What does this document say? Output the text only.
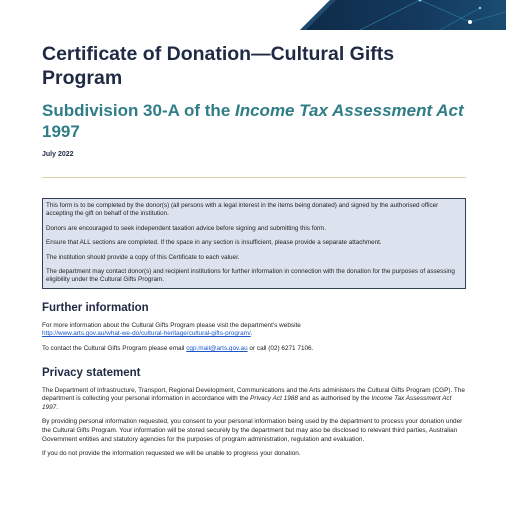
Certificate of Donation—Cultural Gifts Program
Subdivision 30-A of the Income Tax Assessment Act 1997
July 2022

This form is to be completed by the donor(s) (all persons with a legal interest in the items being donated) and signed by the authorised officer accepting the gift on behalf of the institution.

Donors are encouraged to seek independent taxation advice before signing and submitting this form.

Ensure that ALL sections are completed. If the space in any section is insufficient, please provide a separate attachment.

The institution should provide a copy of this Certificate to each valuer.

The department may contact donor(s) and recipient institutions for further information in connection with the donation for the purposes of assessing eligibility under the Cultural Gifts Program.

Further information

For more information about the Cultural Gifts Program please visit the department’s website
http://www.arts.gov.au/what-we-do/cultural-heritage/cultural-gifts-program/.

To contact the Cultural Gifts Program please email cgp.mail@arts.gov.au or call (02) 6271 7106.

Privacy statement

The Department of Infrastructure, Transport, Regional Development, Communications and the Arts administers the Cultural Gifts Program (CGP). The department is collecting your personal information in accordance with the Privacy Act 1988 and as authorised by the Income Tax Assessment Act 1997.

By providing personal information requested, you consent to your personal information being used by the department to process your donation under the Cultural Gifts Program. Your information will be stored securely by the department but may also be disclosed to relevant third parties, Australian Government entities and statutory agencies for the purposes of program administration, regulation and evaluation.

If you do not provide the information requested we will be unable to progress your donation.
